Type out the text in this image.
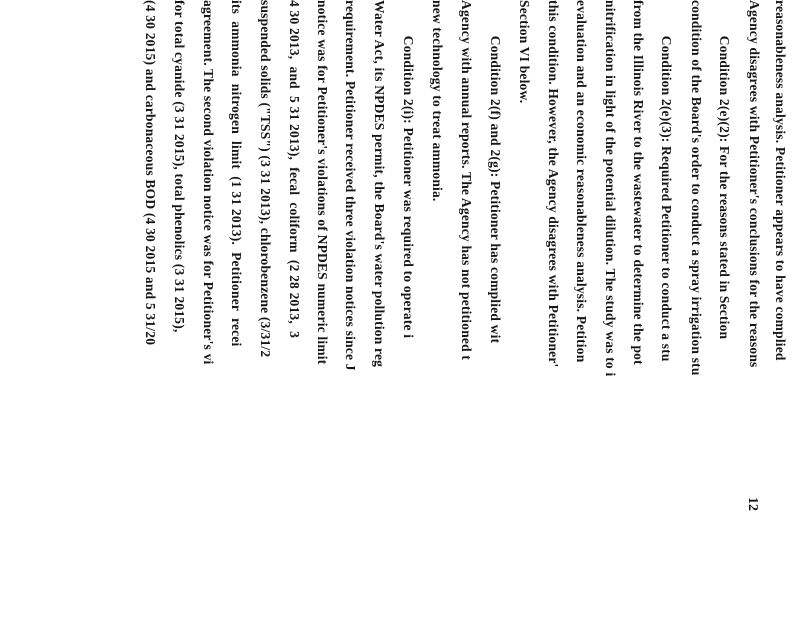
reasonableness analysis. Petitioner appears to have complied
Agency disagrees with Petitioner's conclusions for the reasons
Condition 2(e)(2): For the reasons stated in Section
condition of the Board's order to conduct a spray irrigation stu
Condition 2(e)(3): Required Petitioner to conduct a stu
from the Illinois River to the wastewater to determine the pot
nitrification in light of the potential dilution. The study was to i
evaluation and an economic reasonableness analysis. Petition
this condition. However, the Agency disagrees with Petitioner'
Section VI below.
Condition 2(f) and 2(g): Petitioner has complied wit
Agency with annual reports. The Agency has not petitioned t
new technology to treat ammonia.
Condition 2(i): Petitioner was required to operate i
Water Act, its NPDES permit, the Board's water pollution reg
requirement. Petitioner received three violation notices since J
notice was for Petitioner's violations of NPDES numeric limit
4 30 2013,  and  5 31 2013),  fecal  coliform  (2 28 2013,  3
suspended solids ("TSS") (3 31 2013), chlorobenzene (3/31/2
its  ammonia  nitrogen  limit  (1 31 2013).  Petitioner  recei
agreement. The second violation notice was for Petitioner's vi
for total cyanide (3 31 2015), total phenolics (3 31 2015),
(4 30 2015) and carbonaceous BOD (4 30 2015 and 5 31/20
12
